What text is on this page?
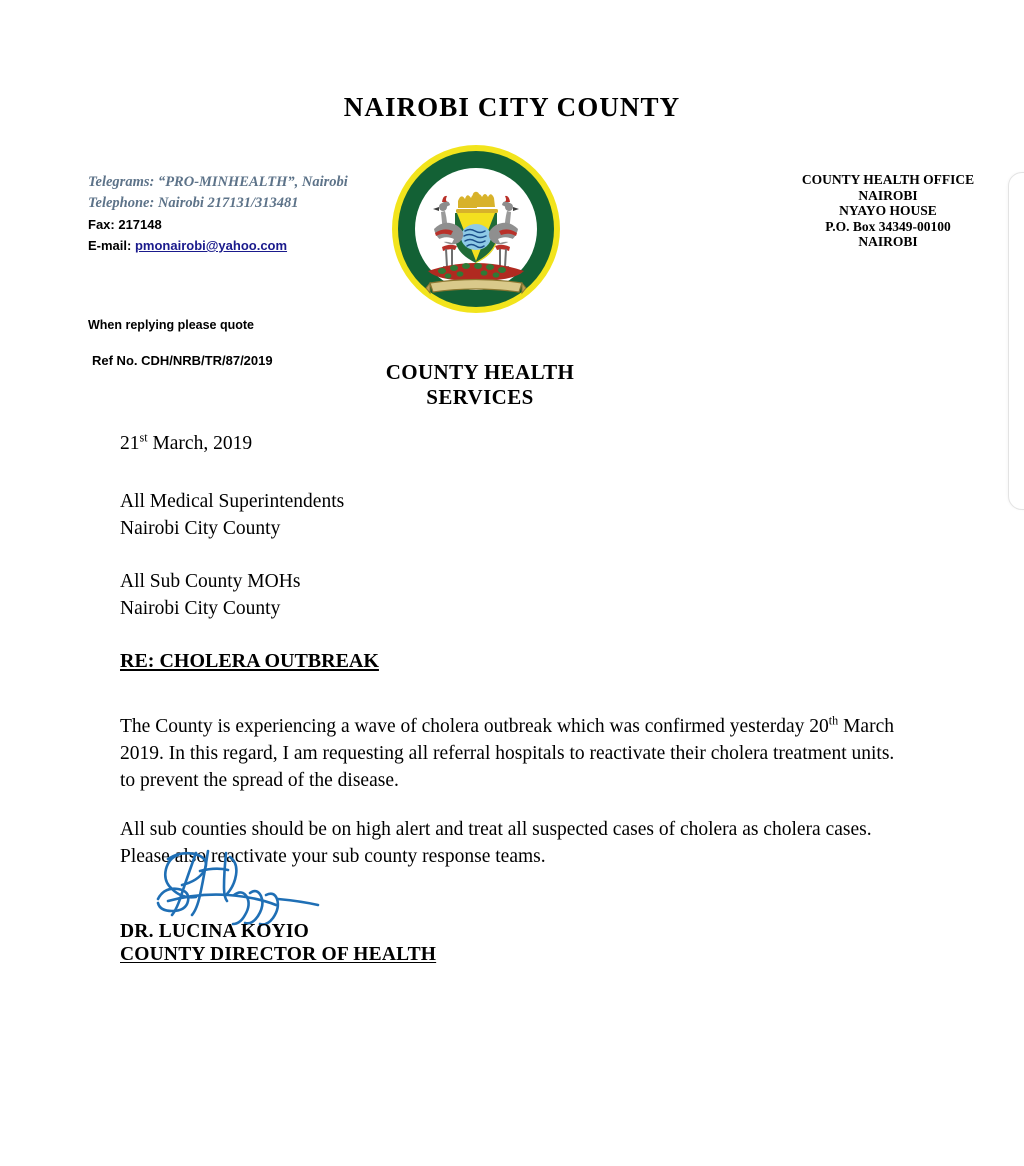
NAIROBI CITY COUNTY
Telegrams: “PRO-MINHEALTH”, Nairobi
Telephone: Nairobi 217131/313481
Fax: 217148
E-mail: pmonairobi@yahoo.com
When replying please quote
Ref No. CDH/NRB/TR/87/2019
COUNTY HEALTH OFFICE
NAIROBI
NYAYO HOUSE
P.O. Box 34349-00100
NAIROBI
COUNTY HEALTH SERVICES

21st March, 2019

All Medical Superintendents
Nairobi City County
All Sub County MOHs
Nairobi City County
RE: CHOLERA OUTBREAK

The County is experiencing a wave of cholera outbreak which was confirmed yesterday 20th March 2019. In this regard, I am requesting all referral hospitals to reactivate their cholera treatment units. to prevent the spread of the disease.

All sub counties should be on high alert and treat all suspected cases of cholera as cholera cases. Please also reactivate your sub county response teams.

DR. LUCINA KOYIO
COUNTY DIRECTOR OF HEALTH
